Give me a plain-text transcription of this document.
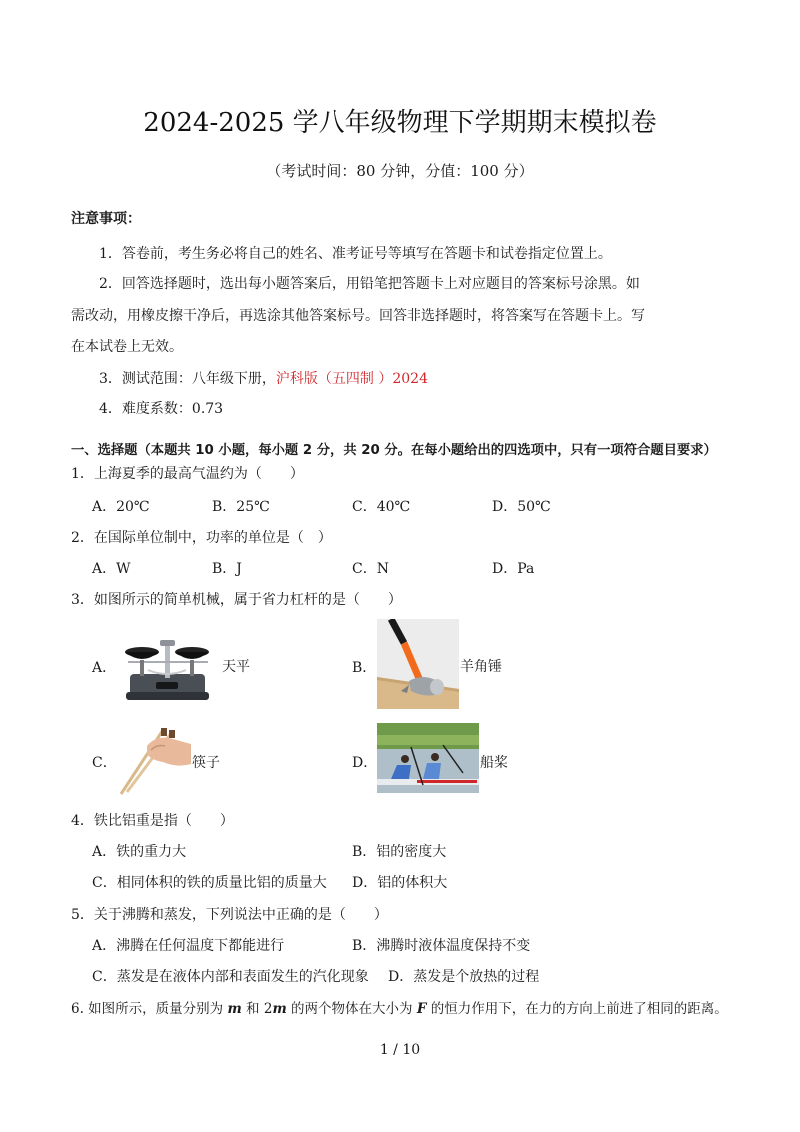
2024-2025 学八年级物理下学期期末模拟卷
（考试时间：80 分钟，分值：100 分）
注意事项：
1．答卷前，考生务必将自己的姓名、准考证号等填写在答题卡和试卷指定位置上。
2．回答选择题时，选出每小题答案后，用铅笔把答题卡上对应题目的答案标号涂黑。如
需改动，用橡皮擦干净后，再选涂其他答案标号。回答非选择题时，将答案写在答题卡上。写
在本试卷上无效。
3．测试范围：八年级下册，沪科版（五四制 ）2024
4．难度系数：0.73
一、选择题（本题共 10 小题，每小题 2 分，共 20 分。在每小题给出的四选项中，只有一项符合题目要求）
1．上海夏季的最高气温约为（　　）
A．20℃	B．25℃	C．40℃	D．50℃
2．在国际单位制中，功率的单位是（　）
A．W	B．J	C．N	D．Pa
3．如图所示的简单机械，属于省力杠杆的是（　　）
A．	天平	B．	羊角锤
C．	筷子	D．	船桨
4．铁比铝重是指（　　）
A．铁的重力大	B．铝的密度大
C．相同体积的铁的质量比铝的质量大 D．铝的体积大
5．关于沸腾和蒸发，下列说法中正确的是（　　）
A．沸腾在任何温度下都能进行	B．沸腾时液体温度保持不变
C．蒸发是在液体内部和表面发生的汽化现象 D．蒸发是个放热的过程
6. 如图所示，质量分别为 m 和 2m 的两个物体在大小为 F 的恒力作用下，在力的方向上前进了相同的距离。
1 / 10
